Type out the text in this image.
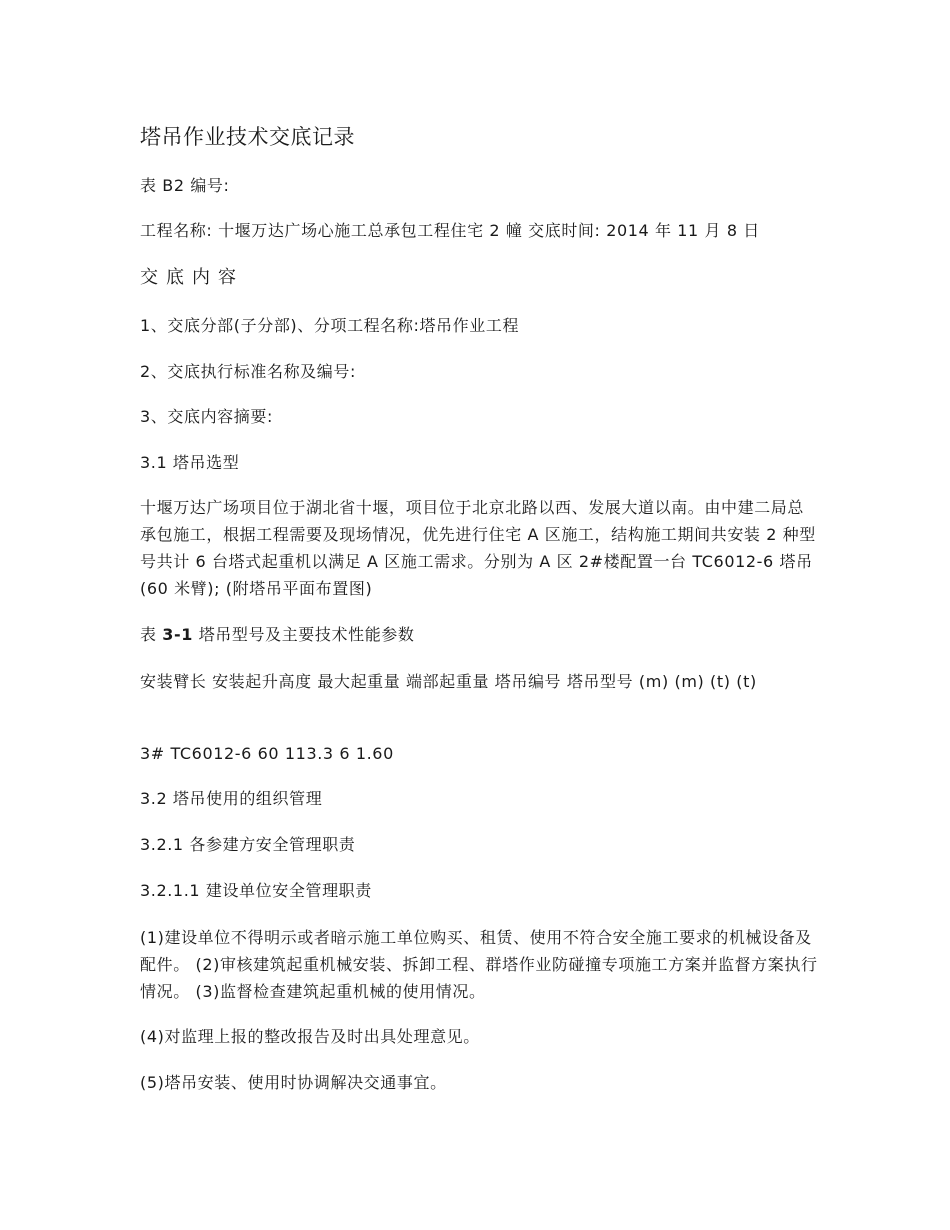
塔吊作业技术交底记录
表 B2 编号:
工程名称: 十堰万达广场心施工总承包工程住宅 2 幢 交底时间: 2014 年 11 月 8 日
交底内容
1、交底分部(子分部)、分项工程名称:塔吊作业工程
2、交底执行标准名称及编号:
3、交底内容摘要:
3.1 塔吊选型
十堰万达广场项目位于湖北省十堰，项目位于北京北路以西、发展大道以南。由中建二局总承包施工，根据工程需要及现场情况，优先进行住宅 A 区施工，结构施工期间共安装 2 种型号共计 6 台塔式起重机以满足 A 区施工需求。分别为 A 区 2#楼配置一台 TC6012-6 塔吊(60 米臂); (附塔吊平面布置图)
表 3-1 塔吊型号及主要技术性能参数
安装臂长 安装起升高度 最大起重量 端部起重量 塔吊编号 塔吊型号 (m) (m) (t) (t)
3# TC6012-6 60 113.3 6 1.60
3.2 塔吊使用的组织管理
3.2.1 各参建方安全管理职责
3.2.1.1 建设单位安全管理职责
(1)建设单位不得明示或者暗示施工单位购买、租赁、使用不符合安全施工要求的机械设备及配件。 (2)审核建筑起重机械安装、拆卸工程、群塔作业防碰撞专项施工方案并监督方案执行情况。 (3)监督检查建筑起重机械的使用情况。
(4)对监理上报的整改报告及时出具处理意见。
(5)塔吊安装、使用时协调解决交通事宜。
